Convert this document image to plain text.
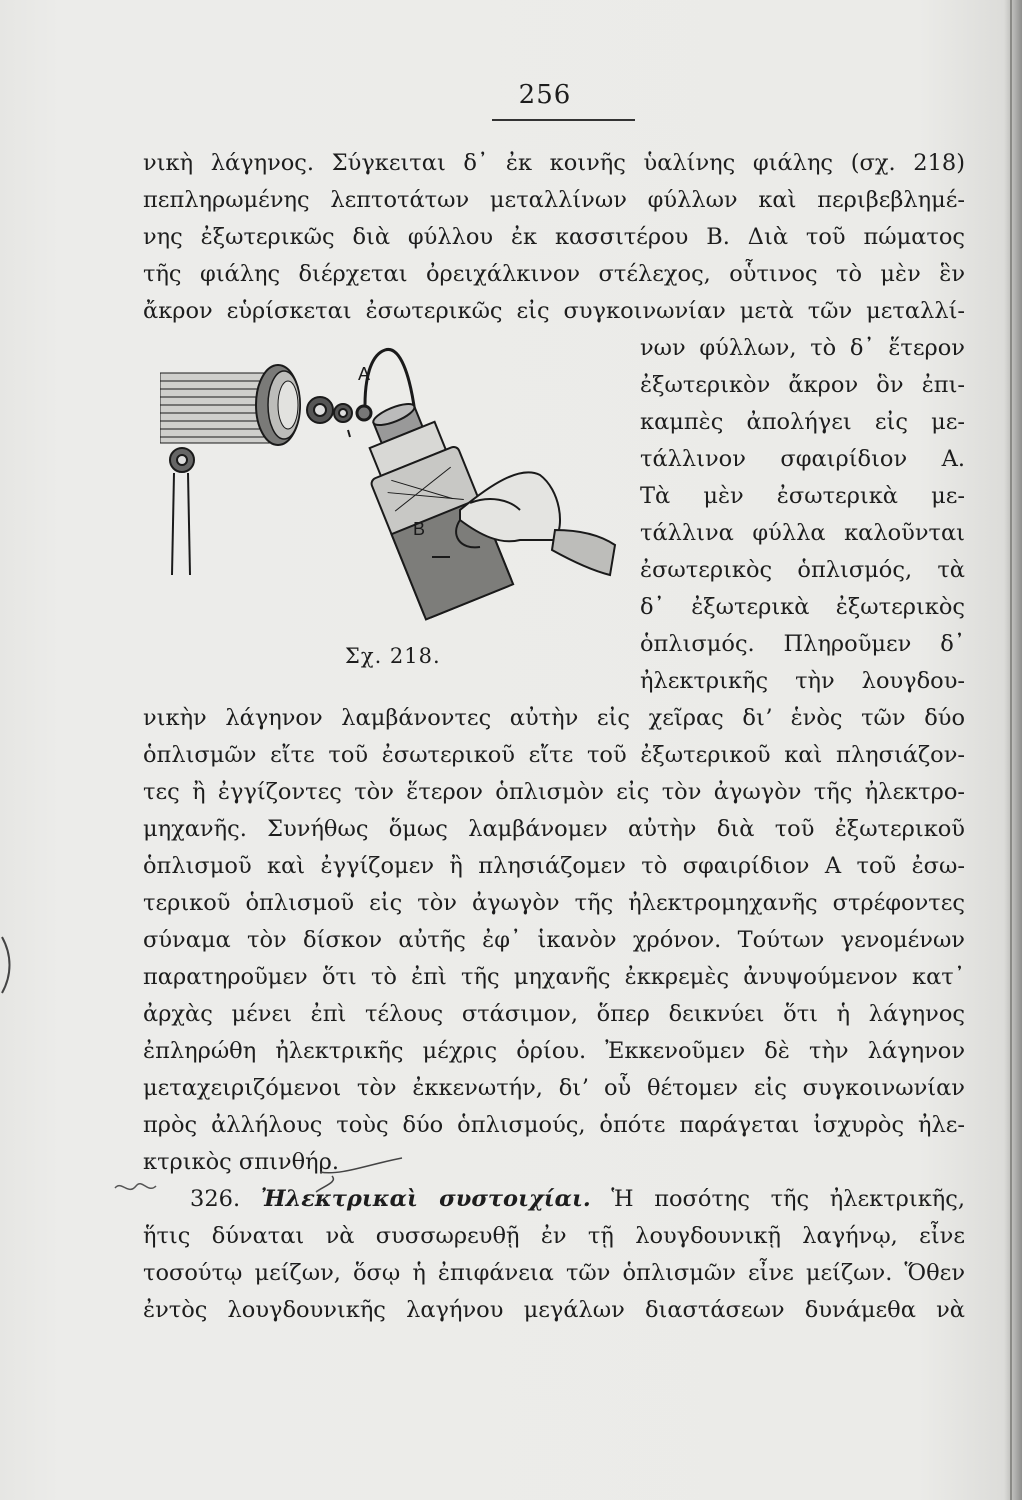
256
νικὴ λάγηνος. Σύγκειται δ᾽ ἐκ κοινῆς ὑαλίνης φιάλης (σχ. 218)
πεπληρωμένης λεπτοτάτων μεταλλίνων φύλλων καὶ περιβεβλημέ-
νης ἐξωτερικῶς διὰ φύλλου ἐκ κασσιτέρου Β. Διὰ τοῦ πώματος
τῆς φιάλης διέρχεται ὀρειχάλκινον στέλεχος, οὗτινος τὸ μὲν ἓν
ἄκρον εὑρίσκεται ἐσωτερικῶς εἰς συγκοινωνίαν μετὰ τῶν μεταλλί-
νων φύλλων, τὸ δ᾽ ἕτερον
ἐξωτερικὸν ἄκρον ὃν ἐπι-
καμπὲς ἀπολήγει εἰς με-
τάλλινον σφαιρίδιον Α.
Τὰ μὲν ἐσωτερικὰ με-
τάλλινα φύλλα καλοῦνται
ἐσωτερικὸς ὁπλισμός, τὰ
δ᾽ ἐξωτερικὰ ἐξωτερικὸς
ὁπλισμός. Πληροῦμεν δ᾽
ἠλεκτρικῆς τὴν λουγδου-
Σχ. 218.
A
B
νικὴν λάγηνον λαμβάνοντες αὐτὴν εἰς χεῖρας διʼ ἑνὸς τῶν δύο
ὁπλισμῶν εἴτε τοῦ ἐσωτερικοῦ εἴτε τοῦ ἐξωτερικοῦ καὶ πλησιάζον-
τες ἢ ἐγγίζοντες τὸν ἕτερον ὁπλισμὸν εἰς τὸν ἀγωγὸν τῆς ἠλεκτρο-
μηχανῆς. Συνήθως ὅμως λαμβάνομεν αὐτὴν διὰ τοῦ ἐξωτερικοῦ
ὁπλισμοῦ καὶ ἐγγίζομεν ἢ πλησιάζομεν τὸ σφαιρίδιον Α τοῦ ἐσω-
τερικοῦ ὁπλισμοῦ εἰς τὸν ἀγωγὸν τῆς ἠλεκτρομηχανῆς στρέφοντες
σύναμα τὸν δίσκον αὐτῆς ἐφ᾽ ἱκανὸν χρόνον. Τούτων γενομένων
παρατηροῦμεν ὅτι τὸ ἐπὶ τῆς μηχανῆς ἐκκρεμὲς ἀνυψούμενον κατ᾽
ἀρχὰς μένει ἐπὶ τέλους στάσιμον, ὅπερ δεικνύει ὅτι ἡ λάγηνος
ἐπληρώθη ἠλεκτρικῆς μέχρις ὁρίου. Ἐκκενοῦμεν δὲ τὴν λάγηνον
μεταχειριζόμενοι τὸν ἐκκενωτήν, διʼ οὗ θέτομεν εἰς συγκοινωνίαν
πρὸς ἀλλήλους τοὺς δύο ὁπλισμούς, ὁπότε παράγεται ἰσχυρὸς ἠλε-
κτρικὸς σπινθήρ.
326. Ἠλεκτρικαὶ συστοιχίαι. Ἡ ποσότης τῆς ἠλεκτρικῆς,
ἥτις δύναται νὰ συσσωρευθῇ ἐν τῇ λουγδουνικῇ λαγήνῳ, εἶνε
τοσούτῳ μείζων, ὅσῳ ἡ ἐπιφάνεια τῶν ὁπλισμῶν εἶνε μείζων. Ὅθεν
ἐντὸς λουγδουνικῆς λαγήνου μεγάλων διαστάσεων δυνάμεθα νὰ
